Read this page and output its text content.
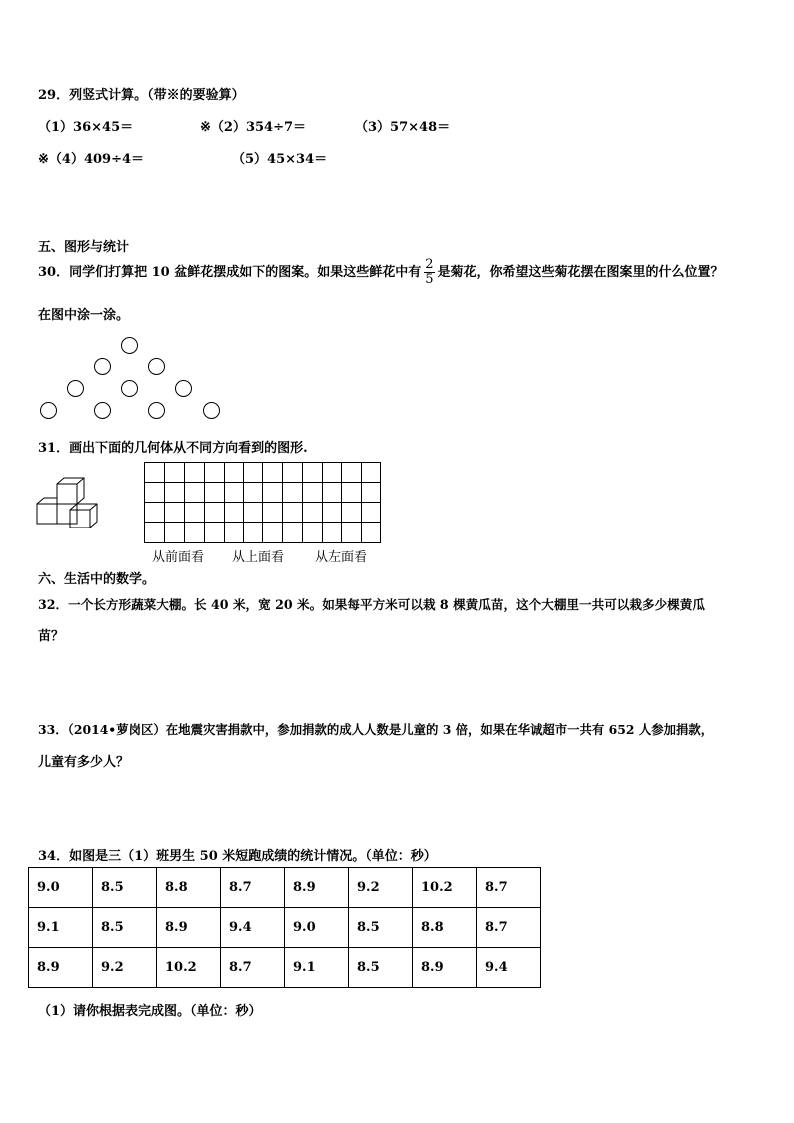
29．列竖式计算。（带※的要验算）
（1）36×45＝	※（2）354÷7＝	（3）57×48＝
※（4）409÷4＝	（5）45×34＝
五、图形与统计
30．同学们打算把 10 盆鲜花摆成如下的图案。如果这些鲜花中有 $\frac{2}{5}$ 是菊花，你希望这些菊花摆在图案里的什么位置？
在图中涂一涂。
31．画出下面的几何体从不同方向看到的图形.
从前面看 从上面看 从左面看
六、生活中的数学。
32．一个长方形蔬菜大棚。长 40 米，宽 20 米。如果每平方米可以栽 8 棵黄瓜苗，这个大棚里一共可以栽多少棵黄瓜
苗？
33．（2014•萝岗区）在地震灾害捐款中，参加捐款的成人人数是儿童的 3 倍，如果在华诚超市一共有 652 人参加捐款，
儿童有多少人？
34．如图是三（1）班男生 50 米短跑成绩的统计情况。（单位：秒）
9.0	8.5	8.8	8.7	8.9	9.2	10.2	8.7
9.1	8.5	8.9	9.4	9.0	8.5	8.8	8.7
8.9	9.2	10.2	8.7	9.1	8.5	8.9	9.4
（1）请你根据表完成图。（单位：秒）
